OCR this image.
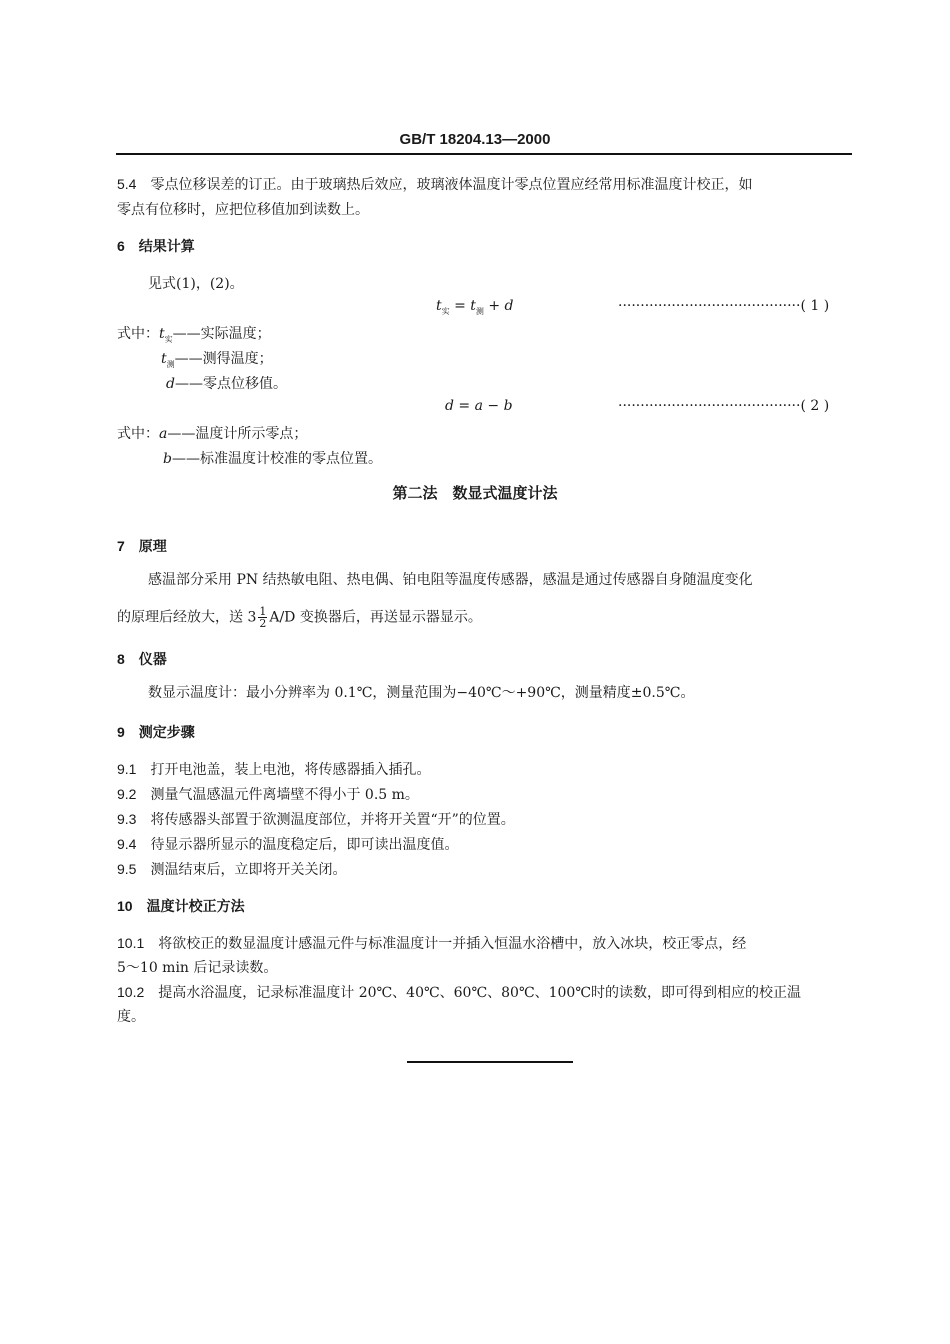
GB/T 18204.13—2000
5.4 零点位移误差的订正。由于玻璃热后效应，玻璃液体温度计零点位置应经常用标准温度计校正，如
零点有位移时，应把位移值加到读数上。
6 结果计算
见式(1)，(2)。
$t_实 = t_测 + d$	·········································( 1 )
式中：$t_实——$实际温度；
$t_测——$测得温度；
d——零点位移值。
d = a − b	·········································( 2 )
式中：a——温度计所示零点；
b——标准温度计校准的零点位置。
第二法　数显式温度计法
7 原理
感温部分采用 PN 结热敏电阻、热电偶、铂电阻等温度传感器，感温是通过传感器自身随温度变化
的原理后经放大，送 $3 \frac{1}{2} A/D$ 变换器后，再送显示器显示。
8 仪器
数显示温度计：最小分辨率为 0.1℃，测量范围为−40℃～+90℃，测量精度±0.5℃。
9 测定步骤
9.1 打开电池盖，装上电池，将传感器插入插孔。
9.2 测量气温感温元件离墙壁不得小于 0.5 m。
9.3 将传感器头部置于欲测温度部位，并将开关置“开”的位置。
9.4 待显示器所显示的温度稳定后，即可读出温度值。
9.5 测温结束后，立即将开关关闭。
10 温度计校正方法
10.1 将欲校正的数显温度计感温元件与标准温度计一并插入恒温水浴槽中，放入冰块，校正零点，经
5～10 min 后记录读数。
10.2 提高水浴温度，记录标准温度计 20℃、40℃、60℃、80℃、100℃时的读数，即可得到相应的校正温
度。
